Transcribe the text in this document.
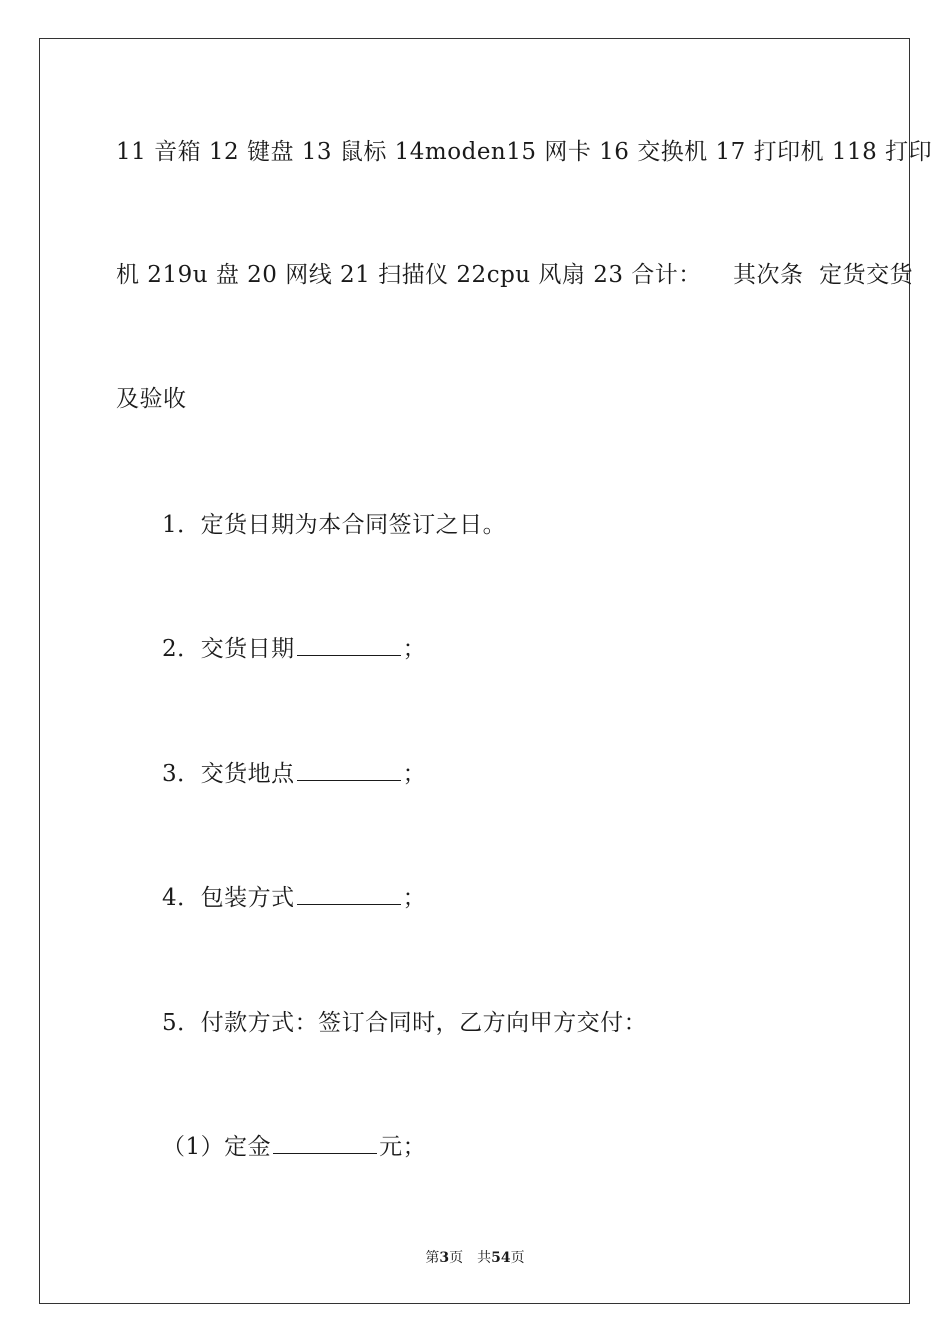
11 音箱 12 键盘 13 鼠标 14moden15 网卡 16 交换机 17 打印机 118 打印
机 219u 盘 20 网线 21 扫描仪 22cpu 风扇 23 合计：    其次条  定货交货
及验收
1．定货日期为本合同签订之日。
2．交货日期	；
3．交货地点	；
4．包装方式	；
5．付款方式：签订合同时，乙方向甲方交付：
（1）定金	元；
第3页 共54页
